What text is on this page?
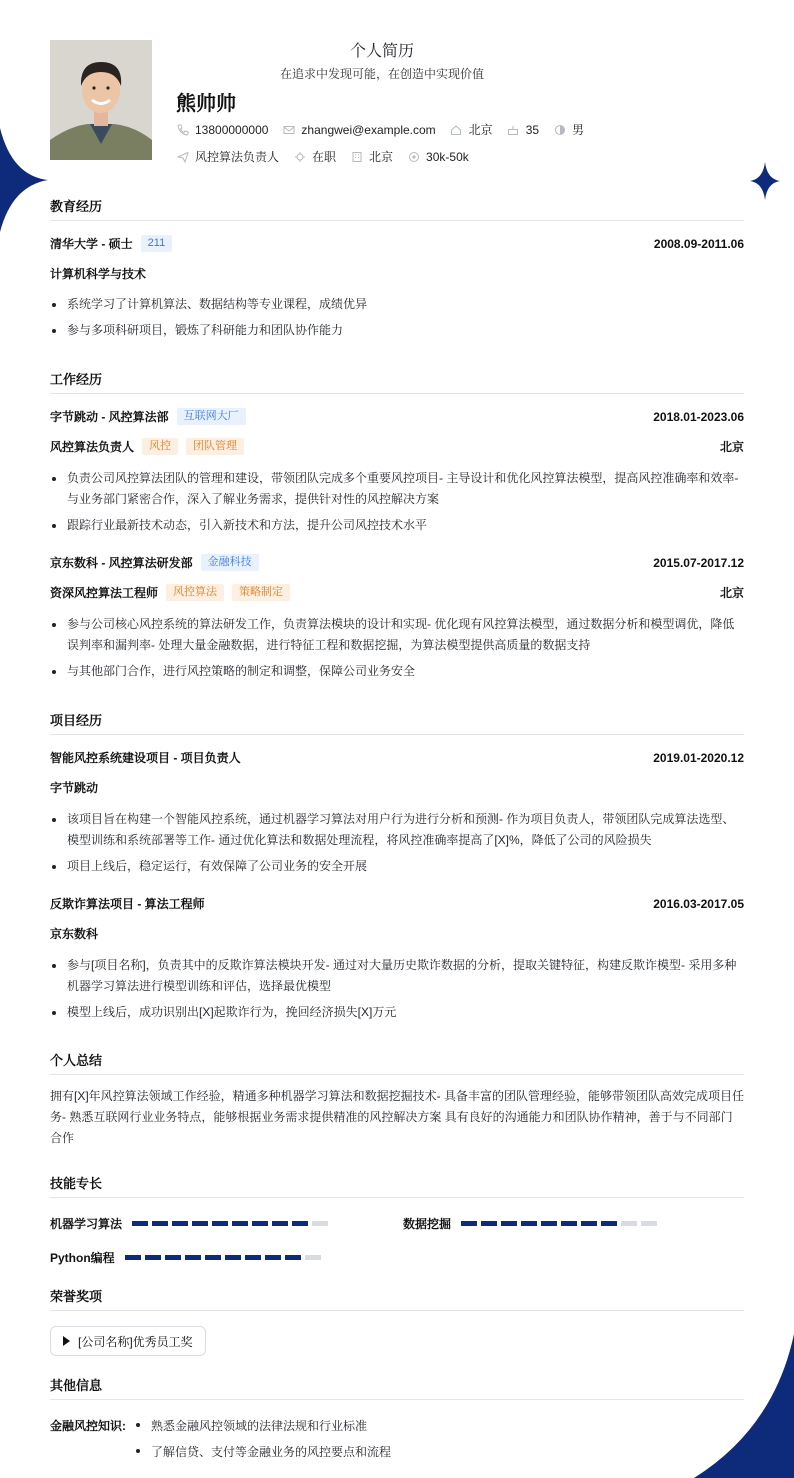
个人简历
在追求中发现可能，在创造中实现价值
熊帅帅
13800000000	zhangwei@example.com	北京	35	男
风控算法负责人	在职	北京	30k-50k
教育经历
清华大学 - 硕士	211	2008.09-2011.06
计算机科学与技术
系统学习了计算机算法、数据结构等专业课程，成绩优异
参与多项科研项目，锻炼了科研能力和团队协作能力
工作经历
字节跳动 - 风控算法部	互联网大厂	2018.01-2023.06
风控算法负责人	风控	团队管理	北京
负责公司风控算法团队的管理和建设，带领团队完成多个重要风控项目- 主导设计和优化风控算法模型，提高风控准确率和效率- 与业务部门紧密合作，深入了解业务需求，提供针对性的风控解决方案
跟踪行业最新技术动态，引入新技术和方法，提升公司风控技术水平
京东数科 - 风控算法研发部	金融科技	2015.07-2017.12
资深风控算法工程师	风控算法	策略制定	北京
参与公司核心风控系统的算法研发工作，负责算法模块的设计和实现- 优化现有风控算法模型，通过数据分析和模型调优，降低误判率和漏判率- 处理大量金融数据，进行特征工程和数据挖掘，为算法模型提供高质量的数据支持
与其他部门合作，进行风控策略的制定和调整，保障公司业务安全
项目经历
智能风控系统建设项目 - 项目负责人	2019.01-2020.12
字节跳动
该项目旨在构建一个智能风控系统，通过机器学习算法对用户行为进行分析和预测- 作为项目负责人，带领团队完成算法选型、模型训练和系统部署等工作- 通过优化算法和数据处理流程，将风控准确率提高了[X]%，降低了公司的风险损失
项目上线后，稳定运行，有效保障了公司业务的安全开展
反欺诈算法项目 - 算法工程师	2016.03-2017.05
京东数科
参与[项目名称]，负责其中的反欺诈算法模块开发- 通过对大量历史欺诈数据的分析，提取关键特征，构建反欺诈模型- 采用多种机器学习算法进行模型训练和评估，选择最优模型
模型上线后，成功识别出[X]起欺诈行为，挽回经济损失[X]万元
个人总结
拥有[X]年风控算法领域工作经验，精通多种机器学习算法和数据挖掘技术- 具备丰富的团队管理经验，能够带领团队高效完成项目任务- 熟悉互联网行业业务特点，能够根据业务需求提供精准的风控解决方案 具有良好的沟通能力和团队协作精神，善于与不同部门合作
技能专长
机器学习算法	数据挖掘
Python编程
荣誉奖项
[公司名称]优秀员工奖
其他信息
金融风控知识:	熟悉金融风控领域的法律法规和行业标准
了解信贷、支付等金融业务的风控要点和流程
